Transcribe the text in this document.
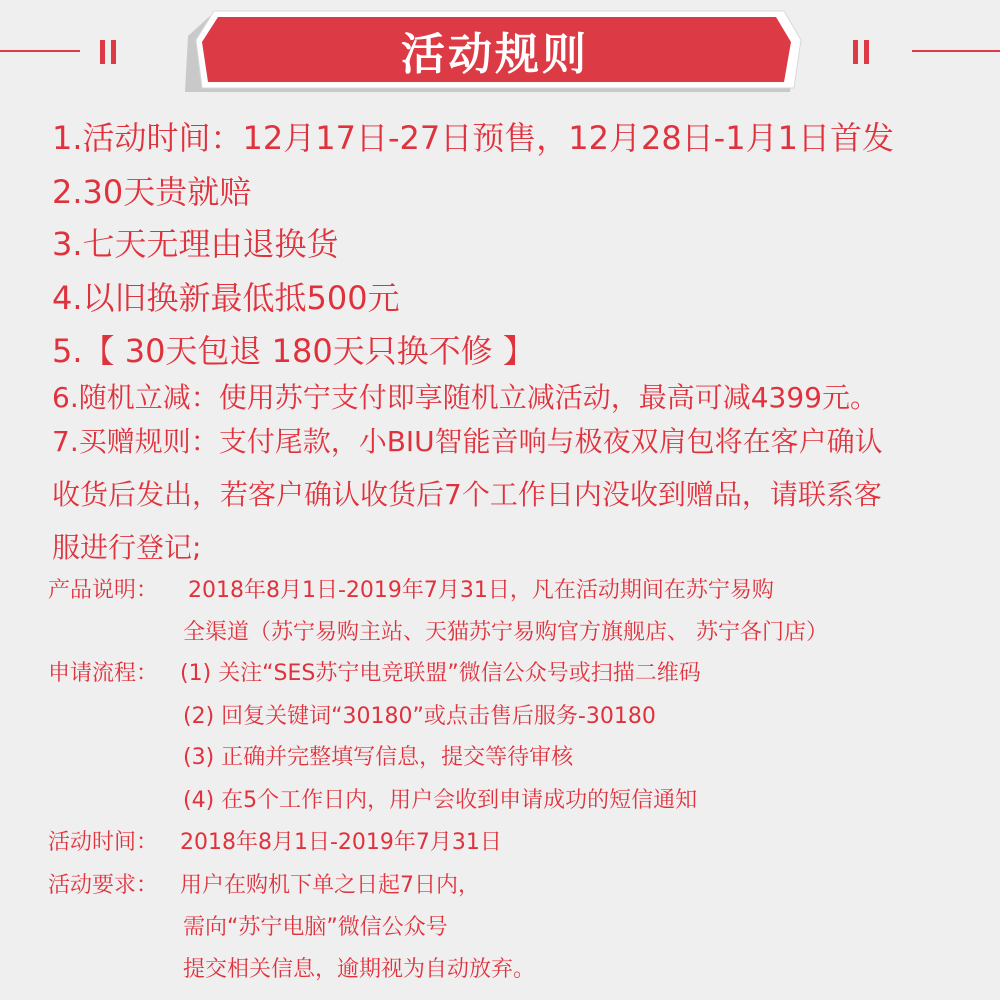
活动规则
1.活动时间：12月17日-27日预售，12月28日-1月1日首发
2.30天贵就赔
3.七天无理由退换货
4.以旧换新最低抵500元
5.【 30天包退 180天只换不修 】
6.随机立减：使用苏宁支付即享随机立减活动，最高可减4399元。
7.买赠规则：支付尾款，小BIU智能音响与极夜双肩包将在客户确认
收货后发出，若客户确认收货后7个工作日内没收到赠品，请联系客
服进行登记;
产品说明： 2018年8月1日-2019年7月31日，凡在活动期间在苏宁易购
全渠道（苏宁易购主站、天猫苏宁易购官方旗舰店、 苏宁各门店）
申请流程： (1) 关注“SES苏宁电竞联盟”微信公众号或扫描二维码
(2) 回复关键词“30180”或点击售后服务-30180
(3) 正确并完整填写信息，提交等待审核
(4) 在5个工作日内，用户会收到申请成功的短信通知
活动时间： 2018年8月1日-2019年7月31日
活动要求： 用户在购机下单之日起7日内，
需向“苏宁电脑”微信公众号
提交相关信息，逾期视为自动放弃。
